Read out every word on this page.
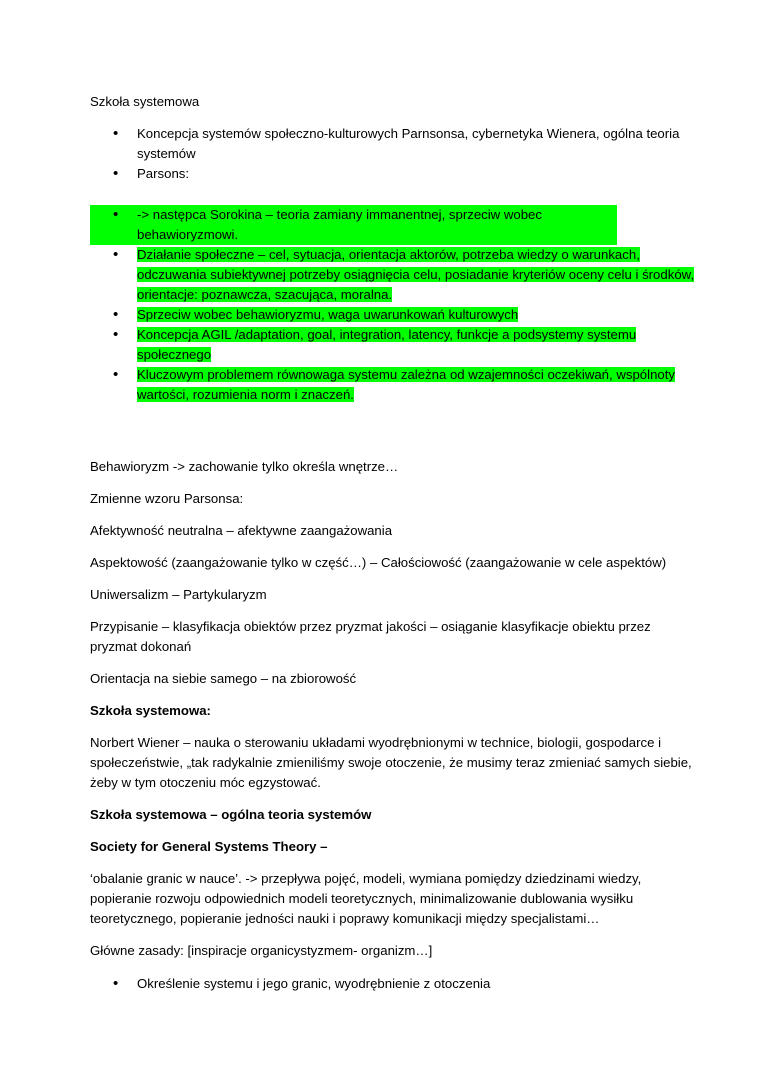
Szkoła systemowa

• Koncepcja systemów społeczno-kulturowych Parnsonsa, cybernetyka Wienera, ogólna teoria systemów
• Parsons:
• -> następca Sorokina – teoria zamiany immanentnej, sprzeciw wobec behawioryzmowi.
• Działanie społeczne – cel, sytuacja, orientacja aktorów, potrzeba wiedzy o warunkach, odczuwania subiektywnej potrzeby osiągnięcia celu, posiadanie kryteriów oceny celu i środków, orientacje: poznawcza, szacująca, moralna.
• Sprzeciw wobec behawioryzmu, waga uwarunkowań kulturowych
• Koncepcja AGIL /adaptation, goal, integration, latency, funkcje a podsystemy systemu społecznego
• Kluczowym problemem równowaga systemu zależna od wzajemności oczekiwań, wspólnoty wartości, rozumienia norm i znaczeń.

Behawioryzm -> zachowanie tylko określa wnętrze…

Zmienne wzoru Parsonsa:

Afektywność neutralna – afektywne zaangażowania

Aspektowość (zaangażowanie tylko w część…) – Całościowość (zaangażowanie w cele aspektów)

Uniwersalizm – Partykularyzm

Przypisanie – klasyfikacja obiektów przez pryzmat jakości – osiąganie klasyfikacje obiektu przez pryzmat dokonań

Orientacja na siebie samego – na zbiorowość

Szkoła systemowa:

Norbert Wiener – nauka o sterowaniu układami wyodrębnionymi w technice, biologii, gospodarce i społeczeństwie, „tak radykalnie zmieniliśmy swoje otoczenie, że musimy teraz zmieniać samych siebie, żeby w tym otoczeniu móc egzystować.

Szkoła systemowa – ogólna teoria systemów

Society for General Systems Theory –

‘obalanie granic w nauce’. -> przepływa pojęć, modeli, wymiana pomiędzy dziedzinami wiedzy, popieranie rozwoju odpowiednich modeli teoretycznych, minimalizowanie dublowania wysiłku teoretycznego, popieranie jedności nauki i poprawy komunikacji między specjalistami…

Główne zasady: [inspiracje organicystyzmem- organizm…]

• Określenie systemu i jego granic, wyodrębnienie z otoczenia
